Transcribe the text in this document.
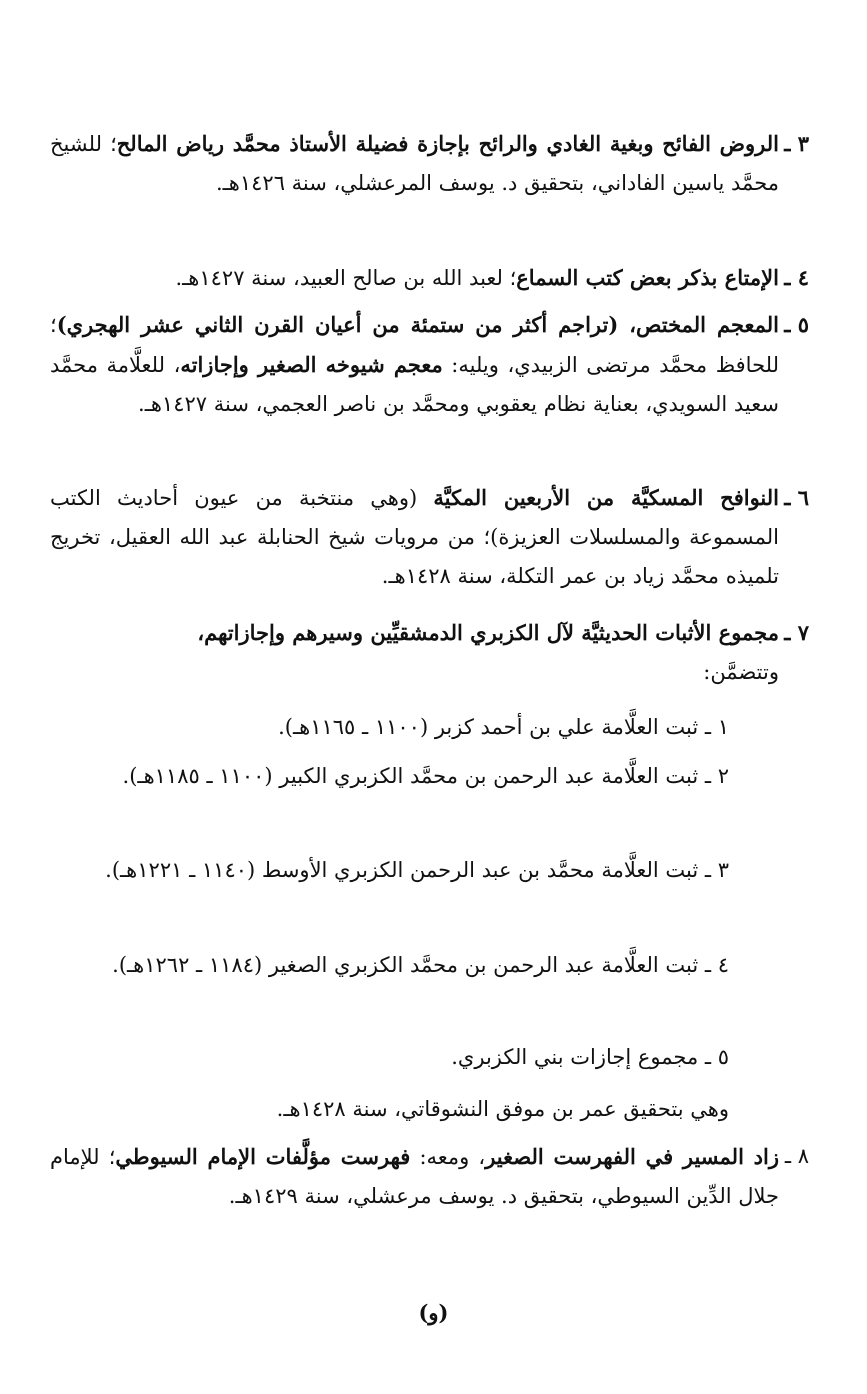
٣ ـ
الروض الفائح وبغية الغادي والرائح بإجازة فضيلة الأستاذ محمَّد رياض المالح؛ للشيخ محمَّد ياسين الفاداني، بتحقيق د. يوسف المرعشلي، سنة ١٤٢٦هـ.
٤ ـ
الإمتاع بذكر بعض كتب السماع؛ لعبد الله بن صالح العبيد، سنة ١٤٢٧هـ.
٥ ـ
المعجم المختص، (تراجم أكثر من ستمئة من أعيان القرن الثاني عشر الهجري)؛ للحافظ محمَّد مرتضى الزبيدي، ويليه: معجم شيوخه الصغير وإجازاته، للعلَّامة محمَّد سعيد السويدي، بعناية نظام يعقوبي ومحمَّد بن ناصر العجمي، سنة ١٤٢٧هـ.
٦ ـ
النوافح المسكيَّة من الأربعين المكيَّة (وهي منتخبة من عيون أحاديث الكتب المسموعة والمسلسلات العزيزة)؛ من مرويات شيخ الحنابلة عبد الله العقيل، تخريج تلميذه محمَّد زياد بن عمر التكلة، سنة ١٤٢٨هـ.
٧ ـ
مجموع الأثبات الحديثيَّة لآل الكزبري الدمشقيِّين وسيرهم وإجازاتهم،
وتتضمَّن:
١ ـ ثبت العلَّامة علي بن أحمد كزبر (١١٠٠ ـ ١١٦٥هـ).
٢ ـ ثبت العلَّامة عبد الرحمن بن محمَّد الكزبري الكبير (١١٠٠ ـ ١١٨٥هـ).
٣ ـ ثبت العلَّامة محمَّد بن عبد الرحمن الكزبري الأوسط (١١٤٠ ـ ١٢٢١هـ).
٤ ـ ثبت العلَّامة عبد الرحمن بن محمَّد الكزبري الصغير (١١٨٤ ـ ١٢٦٢هـ).
٥ ـ مجموع إجازات بني الكزبري.
وهي بتحقيق عمر بن موفق النشوقاتي، سنة ١٤٢٨هـ.
٨ ـ
زاد المسير في الفهرست الصغير، ومعه: فهرست مؤلَّفات الإمام السيوطي؛ للإمام جلال الدِّين السيوطي، بتحقيق د. يوسف مرعشلي، سنة ١٤٢٩هـ.
(و)
